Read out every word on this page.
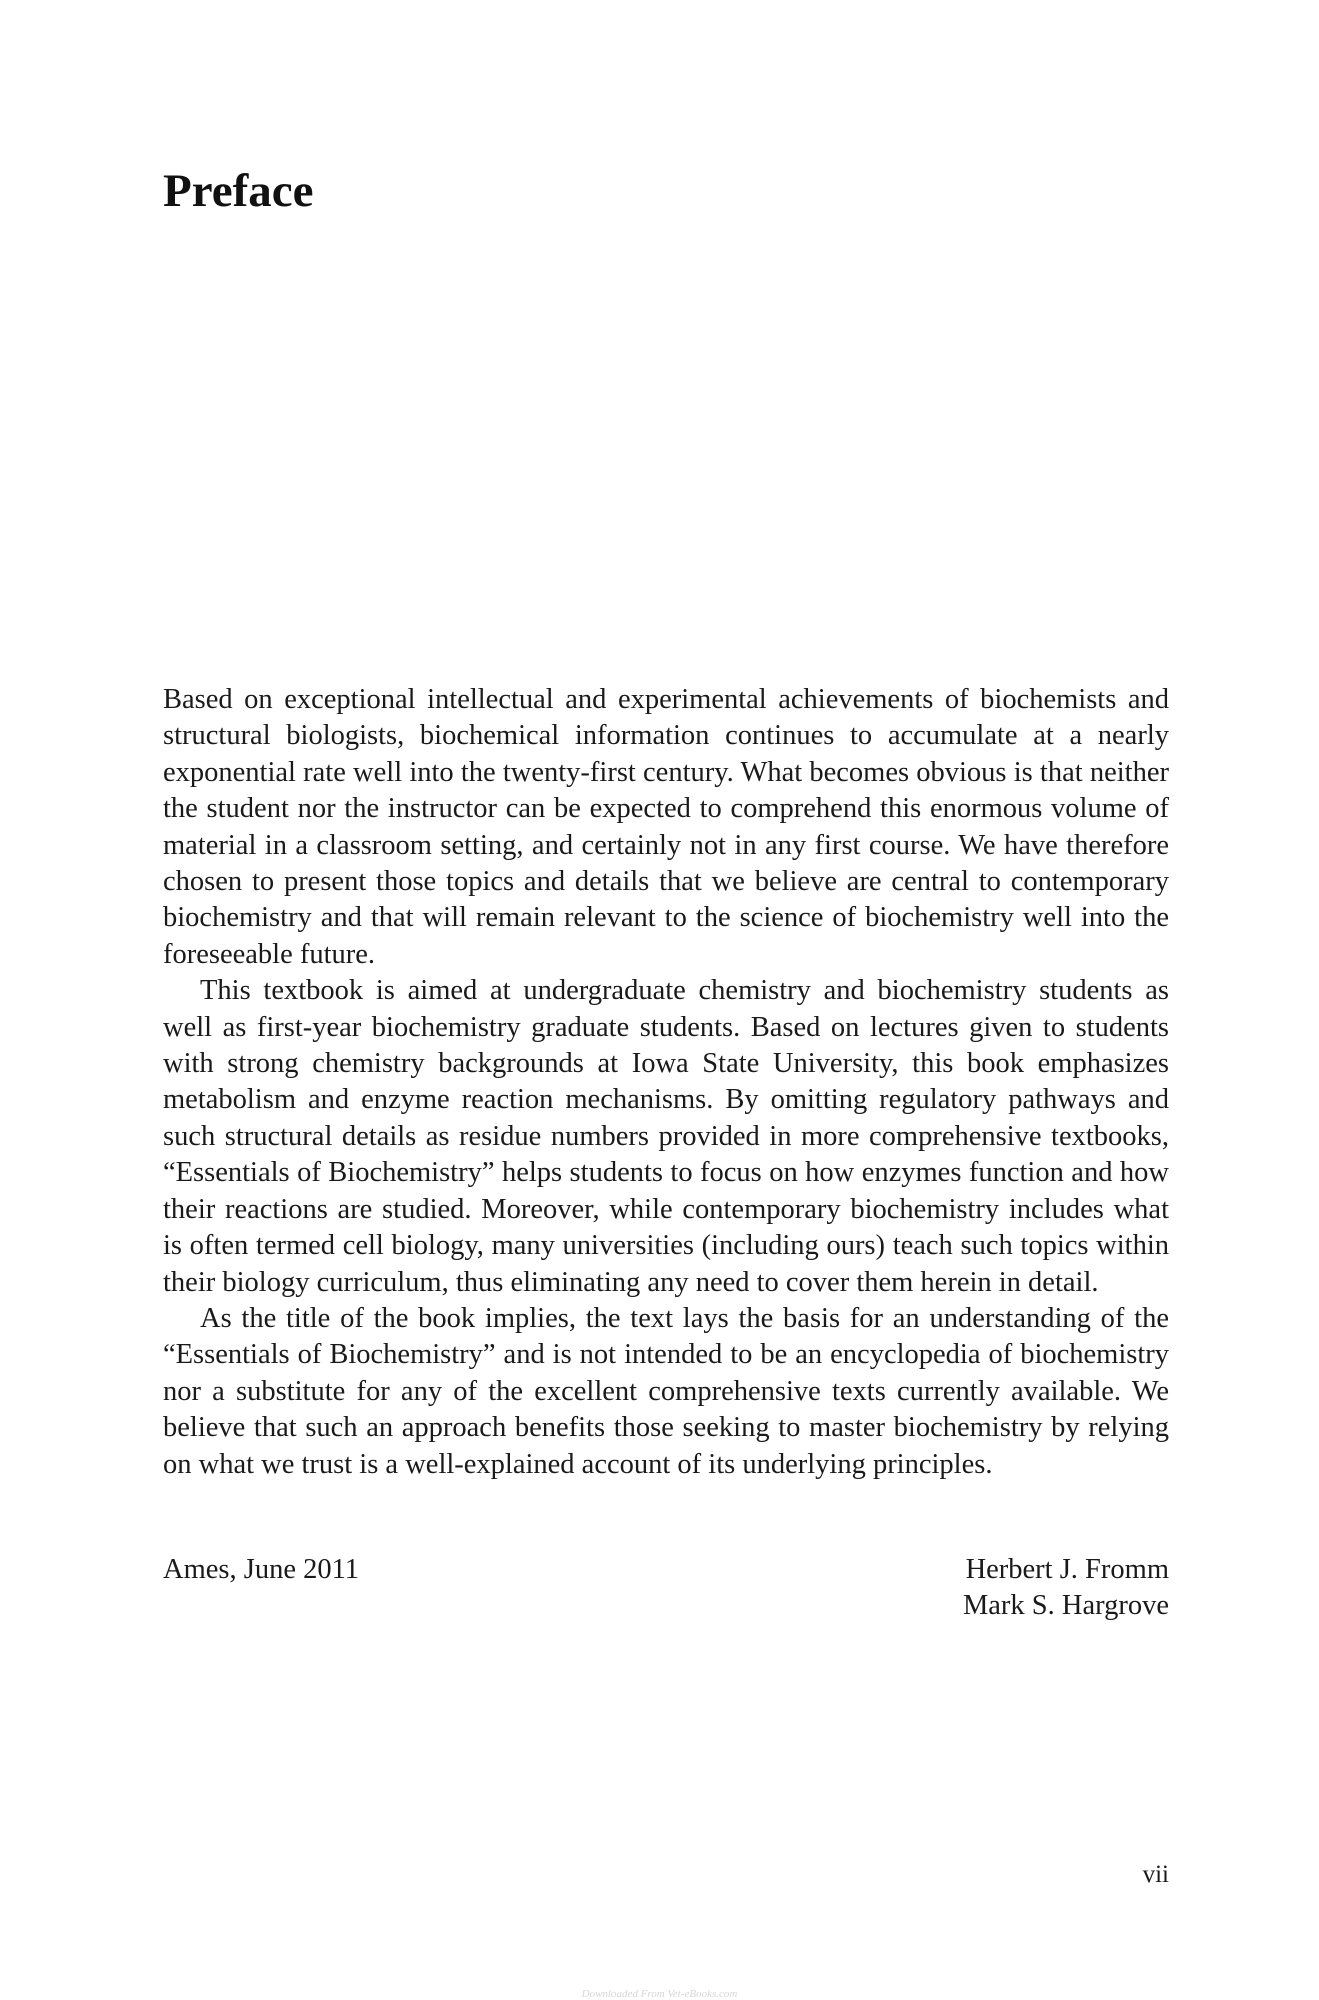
Preface

Based on exceptional intellectual and experimental achievements of biochemists and structural biologists, biochemical information continues to accumulate at a nearly exponential rate well into the twenty-first century. What becomes obvious is that neither the student nor the instructor can be expected to comprehend this enormous volume of material in a classroom setting, and certainly not in any first course. We have therefore chosen to present those topics and details that we believe are central to contemporary biochemistry and that will remain relevant to the science of biochemistry well into the foreseeable future.

This textbook is aimed at undergraduate chemistry and biochemistry students as well as first-year biochemistry graduate students. Based on lectures given to students with strong chemistry backgrounds at Iowa State University, this book emphasizes metabolism and enzyme reaction mechanisms. By omitting regulatory pathways and such structural details as residue numbers provided in more comprehensive textbooks, “Essentials of Biochemistry” helps students to focus on how enzymes function and how their reactions are studied. Moreover, while contemporary biochemistry includes what is often termed cell biology, many universities (including ours) teach such topics within their biology curriculum, thus eliminating any need to cover them herein in detail.

As the title of the book implies, the text lays the basis for an understanding of the “Essentials of Biochemistry” and is not intended to be an encyclopedia of biochemistry nor a substitute for any of the excellent comprehensive texts currently available. We believe that such an approach benefits those seeking to master biochemistry by relying on what we trust is a well-explained account of its underlying principles.

Ames, June 2011	Herbert J. Fromm
Mark S. Hargrove
vii
Downloaded From Vet-eBooks.com
